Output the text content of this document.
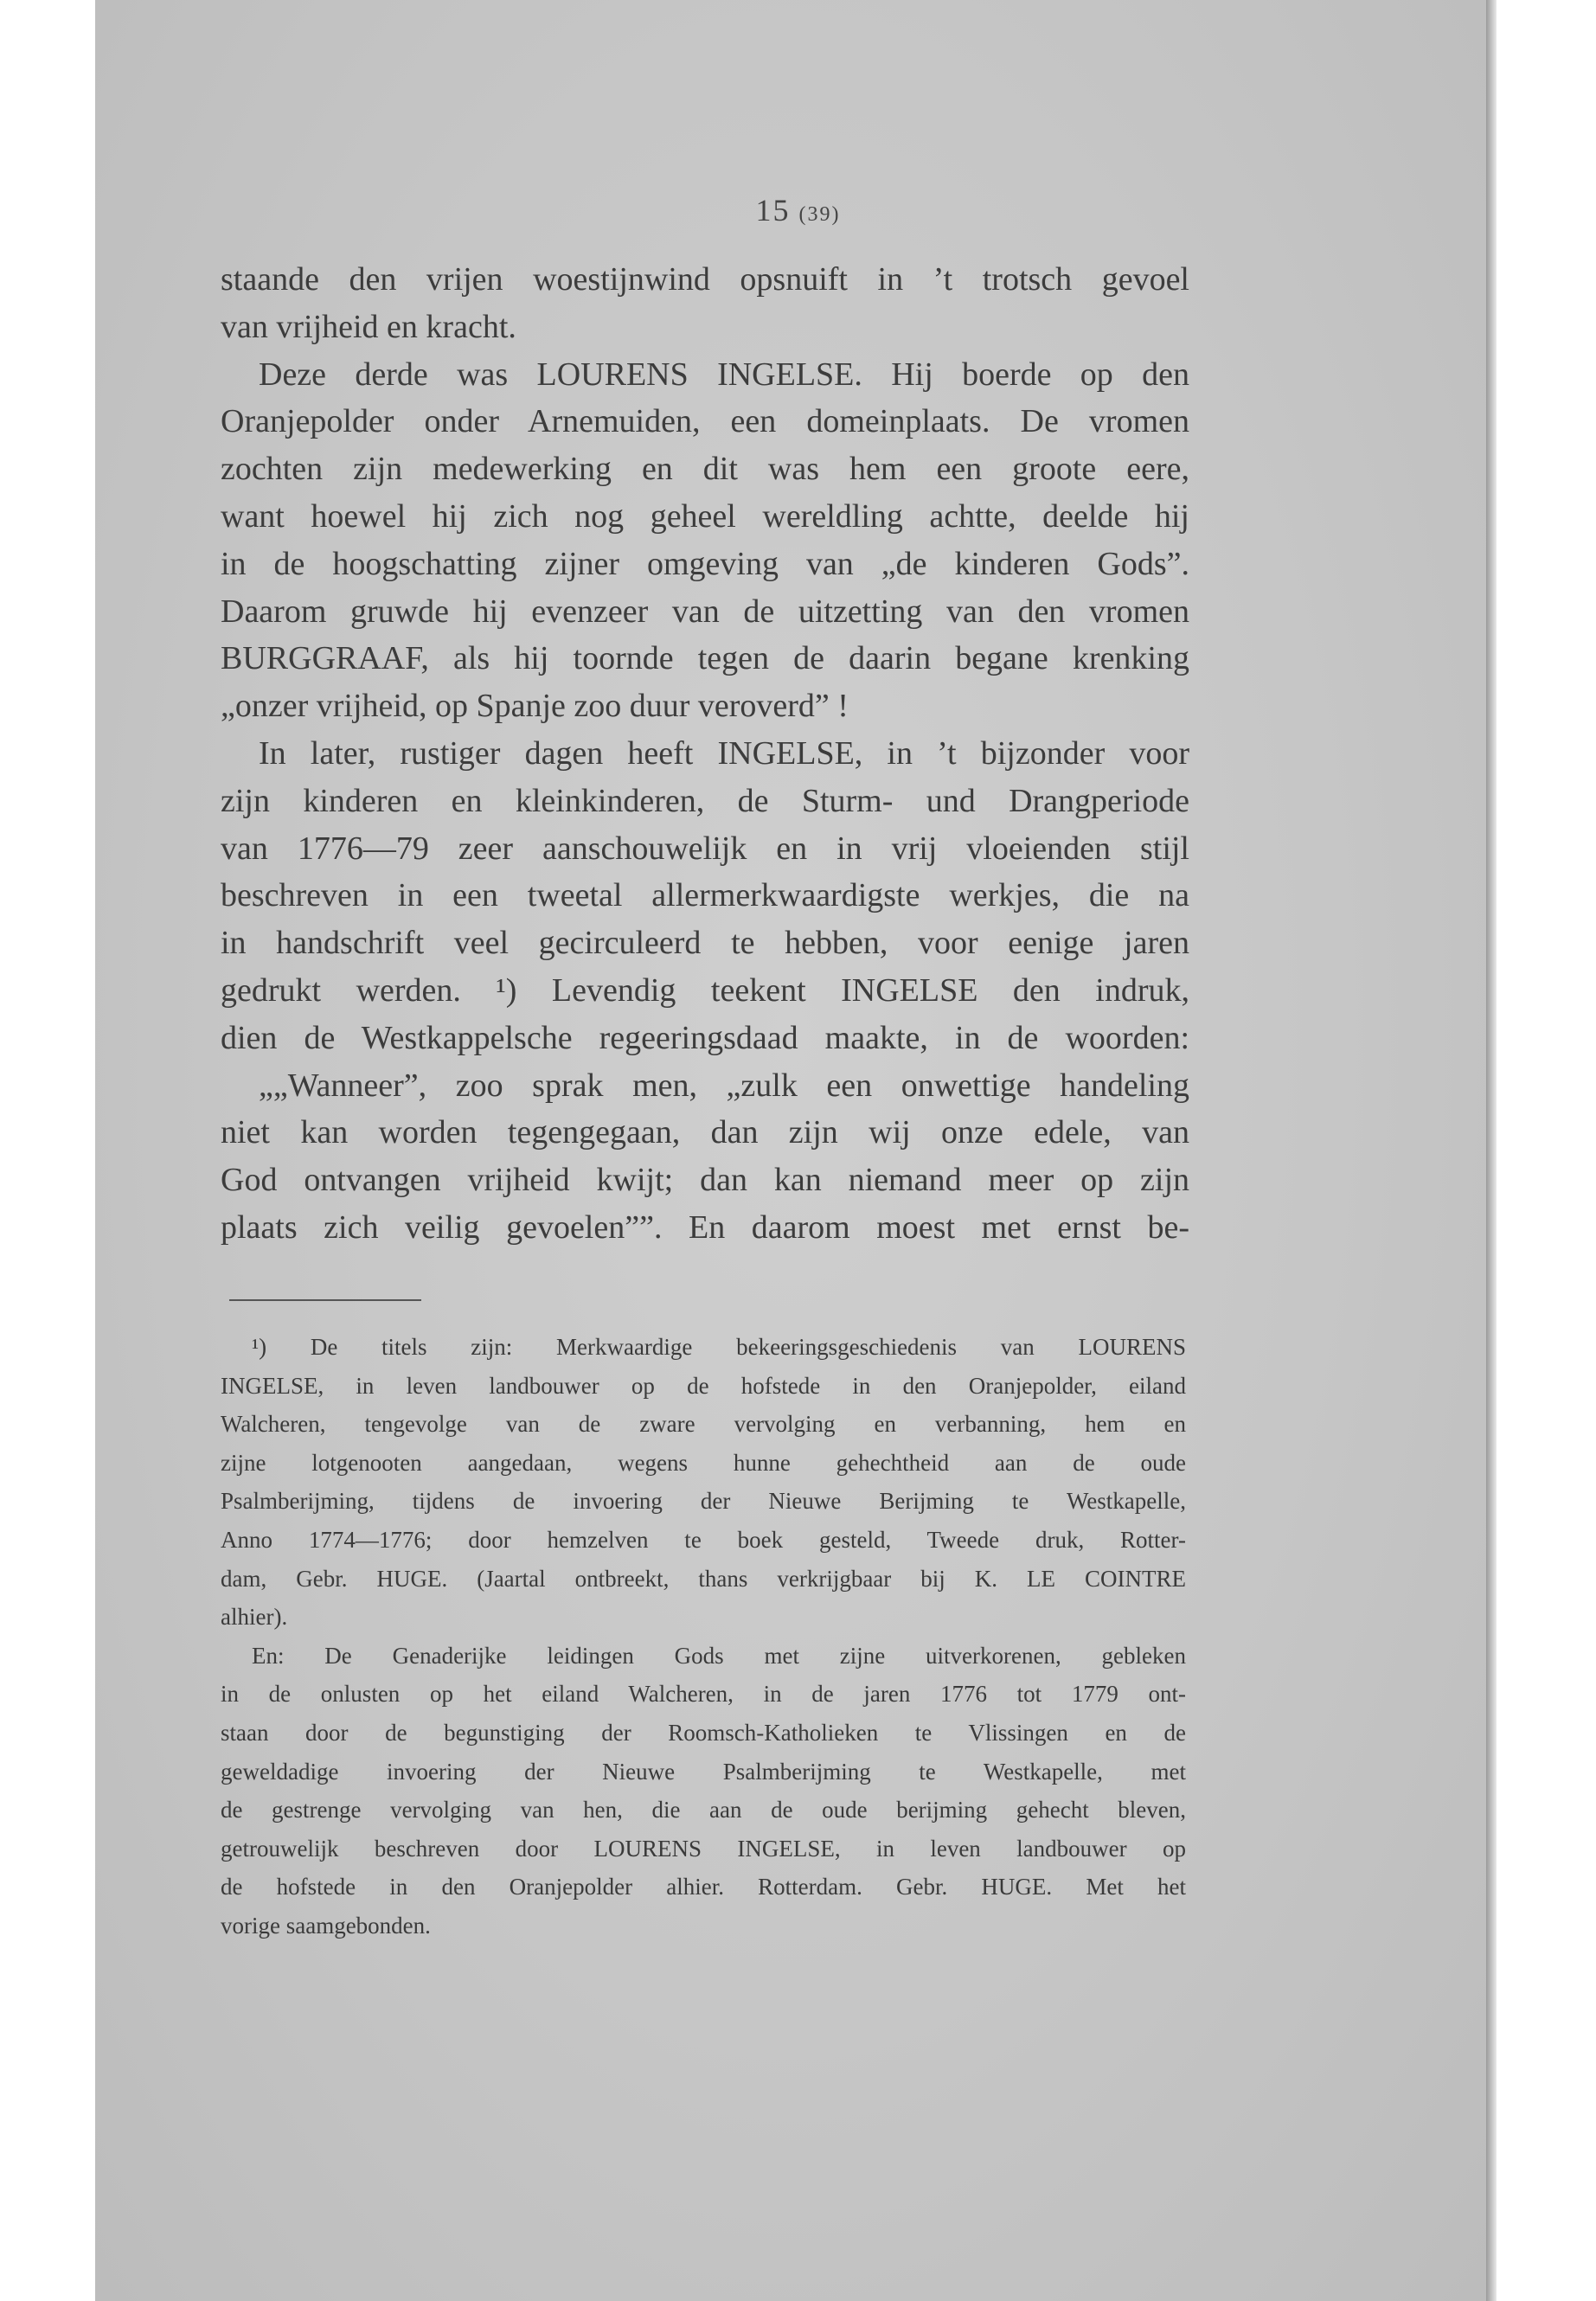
15 (39)
staande den vrijen woestijnwind opsnuift in ’t trotsch gevoel
van vrijheid en kracht.
Deze derde was LOURENS INGELSE. Hij boerde op den
Oranjepolder onder Arnemuiden, een domeinplaats. De vromen
zochten zijn medewerking en dit was hem een groote eere,
want hoewel hij zich nog geheel wereldling achtte, deelde hij
in de hoogschatting zijner omgeving van „de kinderen Gods”.
Daarom gruwde hij evenzeer van de uitzetting van den vromen
BURGGRAAF, als hij toornde tegen de daarin begane krenking
„onzer vrijheid, op Spanje zoo duur veroverd” !
In later, rustiger dagen heeft INGELSE, in ’t bijzonder voor
zijn kinderen en kleinkinderen, de Sturm- und Drangperiode
van 1776—79 zeer aanschouwelijk en in vrij vloeienden stijl
beschreven in een tweetal allermerkwaardigste werkjes, die na
in handschrift veel gecirculeerd te hebben, voor eenige jaren
gedrukt werden. ¹) Levendig teekent INGELSE den indruk,
dien de Westkappelsche regeeringsdaad maakte, in de woorden:
„„Wanneer”, zoo sprak men, „zulk een onwettige handeling
niet kan worden tegengegaan, dan zijn wij onze edele, van
God ontvangen vrijheid kwijt; dan kan niemand meer op zijn
plaats zich veilig gevoelen””. En daarom moest met ernst be-
¹) De titels zijn: Merkwaardige bekeeringsgeschiedenis van LOURENS
INGELSE, in leven landbouwer op de hofstede in den Oranjepolder, eiland
Walcheren, tengevolge van de zware vervolging en verbanning, hem en
zijne lotgenooten aangedaan, wegens hunne gehechtheid aan de oude
Psalmberijming, tijdens de invoering der Nieuwe Berijming te Westkapelle,
Anno 1774—1776; door hemzelven te boek gesteld, Tweede druk, Rotter-
dam, Gebr. HUGE. (Jaartal ontbreekt, thans verkrijgbaar bij K. LE COINTRE
alhier).
En: De Genaderijke leidingen Gods met zijne uitverkorenen, gebleken
in de onlusten op het eiland Walcheren, in de jaren 1776 tot 1779 ont-
staan door de begunstiging der Roomsch-Katholieken te Vlissingen en de
geweldadige invoering der Nieuwe Psalmberijming te Westkapelle, met
de gestrenge vervolging van hen, die aan de oude berijming gehecht bleven,
getrouwelijk beschreven door LOURENS INGELSE, in leven landbouwer op
de hofstede in den Oranjepolder alhier. Rotterdam. Gebr. HUGE. Met het
vorige saamgebonden.
